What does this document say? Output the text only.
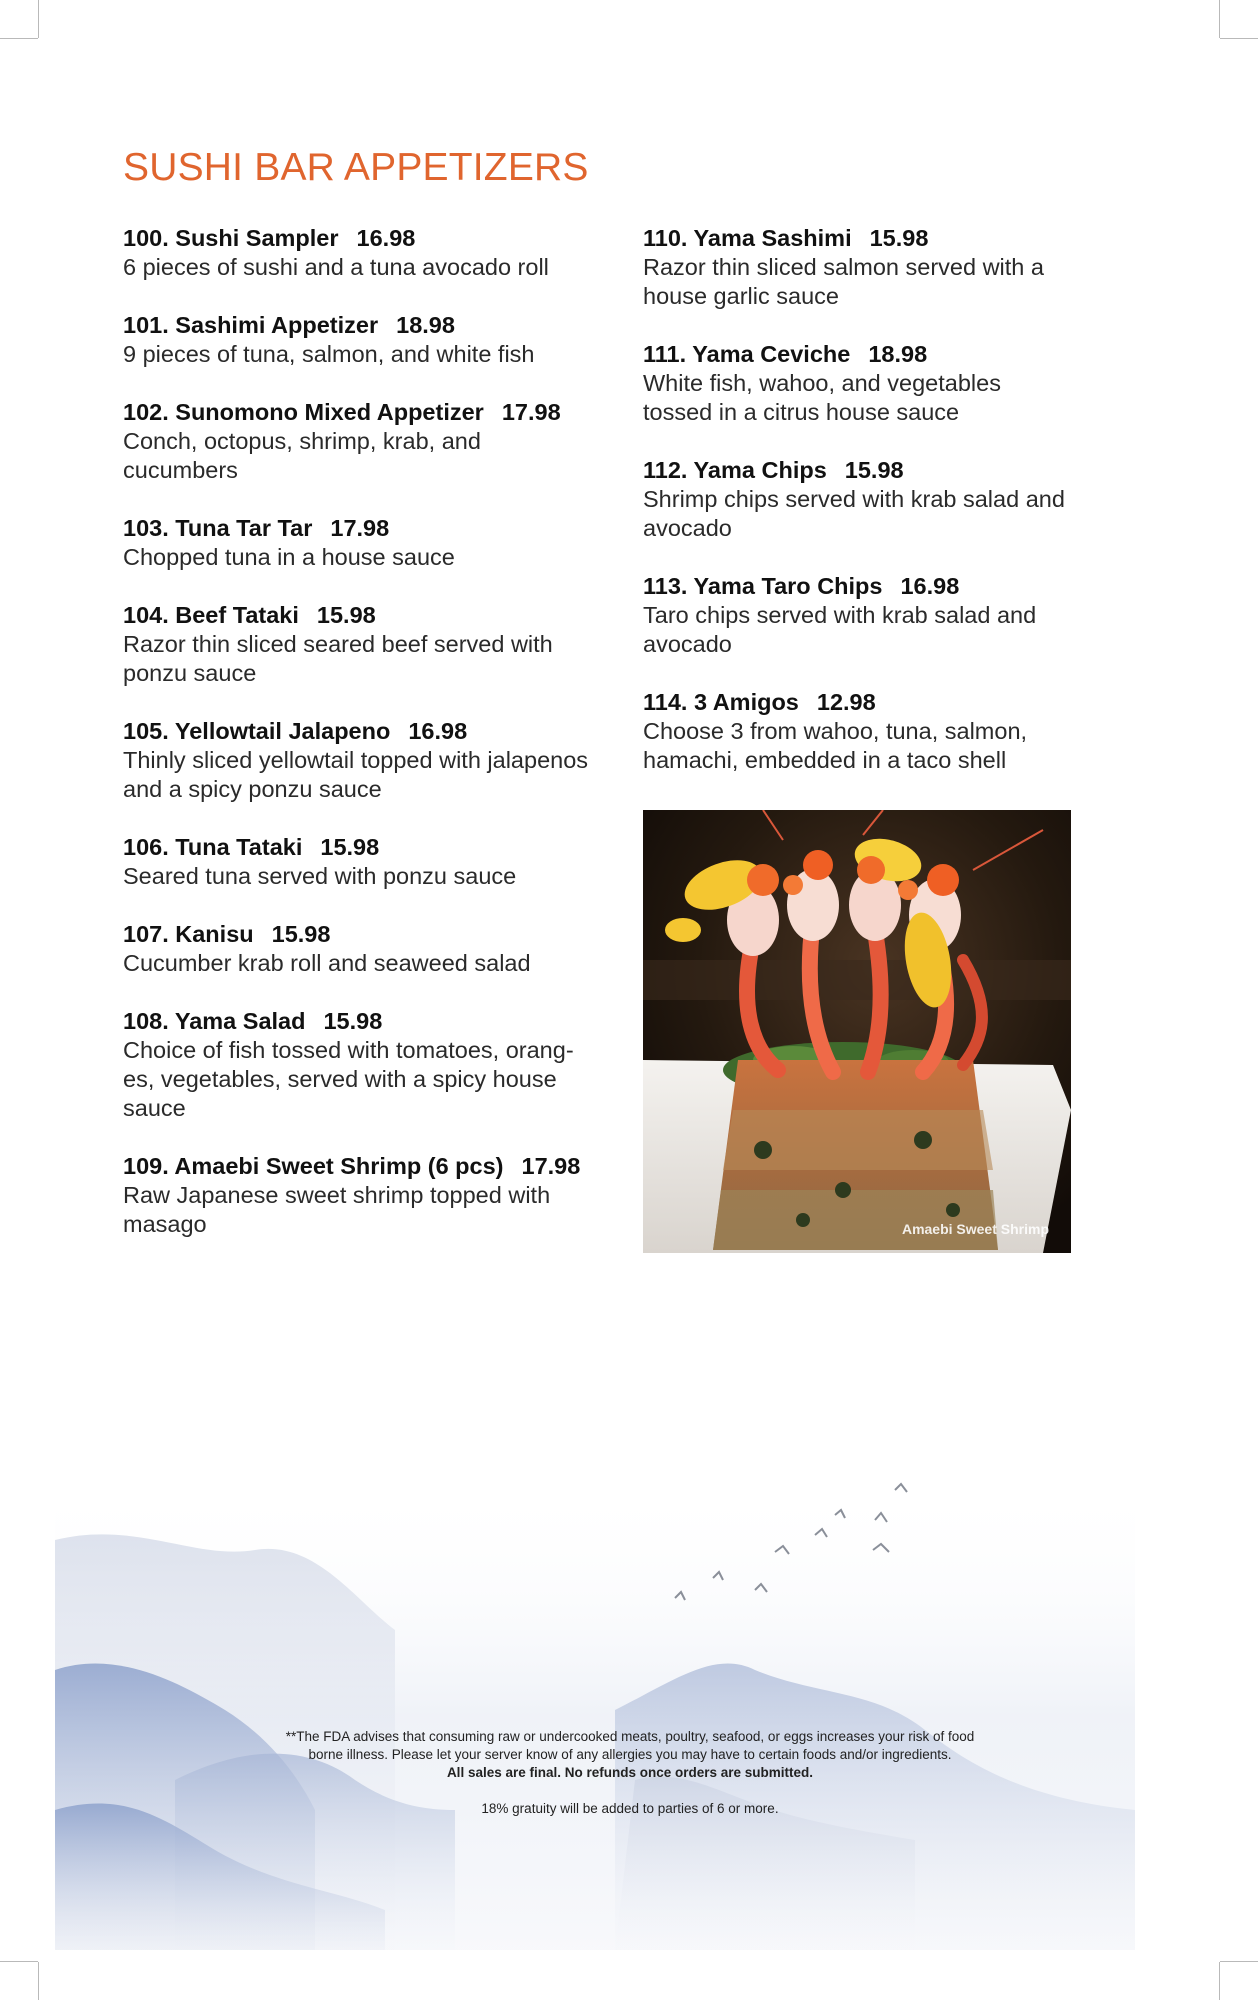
SUSHI BAR APPETIZERS
100. Sushi Sampler 16.98
6 pieces of sushi and a tuna avocado roll
101. Sashimi Appetizer 18.98
9 pieces of tuna, salmon, and white fish
102. Sunomono Mixed Appetizer 17.98
Conch, octopus, shrimp, krab, and
cucumbers
103. Tuna Tar Tar 17.98
Chopped tuna in a house sauce
104. Beef Tataki 15.98
Razor thin sliced seared beef served with
ponzu sauce
105. Yellowtail Jalapeno 16.98
Thinly sliced yellowtail topped with jalapenos
and a spicy ponzu sauce
106. Tuna Tataki 15.98
Seared tuna served with ponzu sauce
107. Kanisu 15.98
Cucumber krab roll and seaweed salad
108. Yama Salad 15.98
Choice of fish tossed with tomatoes, orang-
es, vegetables, served with a spicy house
sauce
109. Amaebi Sweet Shrimp (6 pcs) 17.98
Raw Japanese sweet shrimp topped with
masago
110. Yama Sashimi 15.98
Razor thin sliced salmon served with a
house garlic sauce
111. Yama Ceviche 18.98
White fish, wahoo, and vegetables
tossed in a citrus house sauce
112. Yama Chips 15.98
Shrimp chips served with krab salad and
avocado
113. Yama Taro Chips 16.98
Taro chips served with krab salad and
avocado
114. 3 Amigos 12.98
Choose 3 from wahoo, tuna, salmon,
hamachi, embedded in a taco shell
Amaebi Sweet Shrimp

**The FDA advises that consuming raw or undercooked meats, poultry, seafood, or eggs increases your risk of food

borne illness. Please let your server know of any allergies you may have to certain foods and/or ingredients.

All sales are final. No refunds once orders are submitted.

18% gratuity will be added to parties of 6 or more.
